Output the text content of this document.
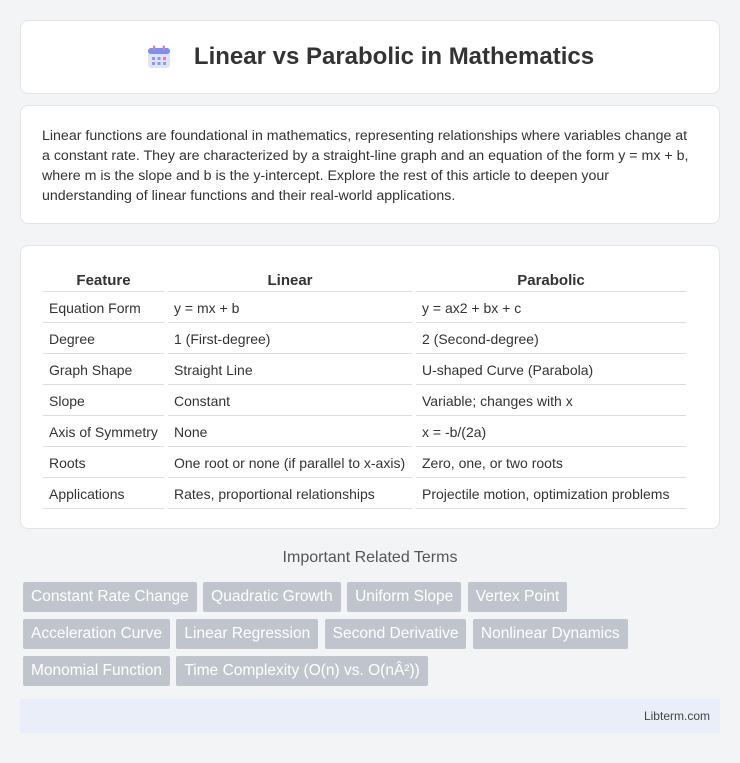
Linear vs Parabolic in Mathematics

Linear functions are foundational in mathematics, representing relationships where variables change at a constant rate. They are characterized by a straight-line graph and an equation of the form y = mx + b, where m is the slope and b is the y-intercept. Explore the rest of this article to deepen your understanding of linear functions and their real-world applications.

Feature	Linear	Parabolic
Equation Form	y = mx + b	y = ax2 + bx + c
Degree	1 (First-degree)	2 (Second-degree)
Graph Shape	Straight Line	U-shaped Curve (Parabola)
Slope	Constant	Variable; changes with x
Axis of Symmetry	None	x = -b/(2a)
Roots	One root or none (if parallel to x-axis)	Zero, one, or two roots
Applications	Rates, proportional relationships	Projectile motion, optimization problems
Important Related Terms
Constant Rate Change Quadratic Growth Uniform Slope Vertex Point
Acceleration Curve Linear Regression Second Derivative Nonlinear Dynamics
Monomial Function Time Complexity (O(n) vs. O(nÂ²))
Libterm.com
